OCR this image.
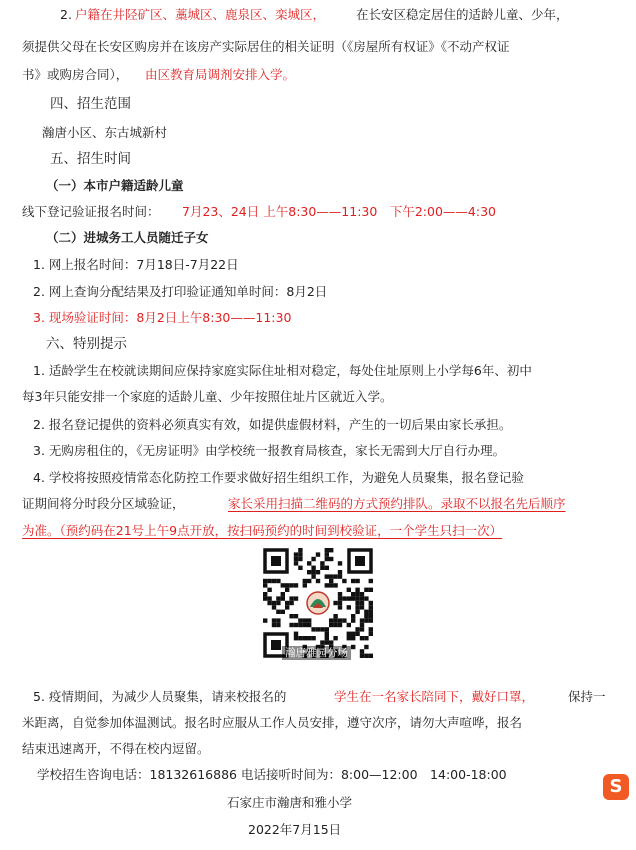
2. 户籍在井陉矿区、藁城区、鹿泉区、栾城区， 在长安区稳定居住的适龄儿童、少年，
须提供父母在长安区购房并在该房产实际居住的相关证明（《房屋所有权证》《不动产权证
书》或购房合同）， 由区教育局调剂安排入学。
四、招生范围
瀚唐小区、东古城新村
五、招生时间
（一）本市户籍适龄儿童
线下登记验证报名时间： 7月23、24日 上午8:30——11:30　下午2:00——4:30
（二）进城务工人员随迁子女
1. 网上报名时间：7月18日-7月22日
2. 网上查询分配结果及打印验证通知单时间：8月2日
3. 现场验证时间：8月2日上午8:30——11:30
六、特别提示
1. 适龄学生在校就读期间应保持家庭实际住址相对稳定，每处住址原则上小学每6年、初中
每3年只能安排一个家庭的适龄儿童、少年按照住址片区就近入学。
2. 报名登记提供的资料必须真实有效，如提供虚假材料，产生的一切后果由家长承担。
3. 无购房租住的，《无房证明》由学校统一报教育局核查，家长无需到大厅自行办理。
4. 学校将按照疫情常态化防控工作要求做好招生组织工作，为避免人员聚集，报名登记验
证期间将分时段分区域验证，	家长采用扫描二维码的方式预约排队。录取不以报名先后顺序
为准。（预约码在21号上午9点开放，按扫码预约的时间到校验证，一个学生只扫一次）
瀚唐雅园分场
5. 疫情期间，为减少人员聚集，请来校报名的	学生在一名家长陪同下，戴好口罩，	保持一
米距离，自觉参加体温测试。报名时应服从工作人员安排，遵守次序，请勿大声喧哗，报名
结束迅速离开，不得在校内逗留。
学校招生咨询电话：18132616886 电话接听时间为：8:00—12:00　14:00-18:00
石家庄市瀚唐和雅小学
2022年7月15日
S
